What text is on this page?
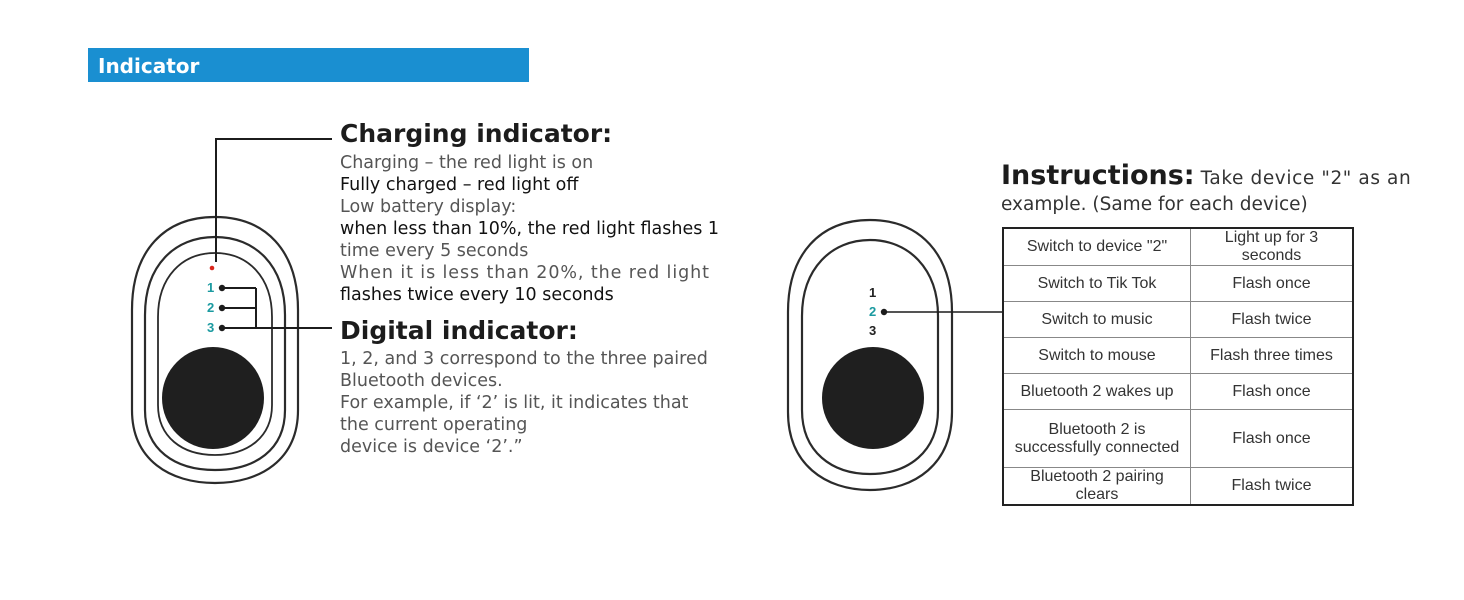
Indicator
1
2
3
Charging indicator:
Charging – the red light is on
Fully charged – red light off
Low battery display:
when less than 10%, the red light flashes 1
time every 5 seconds
When it is less than 20%, the red light
flashes twice every 10 seconds
Digital indicator:
1, 2, and 3 correspond to the three paired
Bluetooth devices.
For example, if ‘2’ is lit, it indicates that
the current operating
device is device ‘2’.”
1
2
3
Instructions: Take device "2" as an
example. (Same for each device)
Switch to device "2"	Light up for 3 seconds
Switch to Tik Tok	Flash once
Switch to music	Flash twice
Switch to mouse	Flash three times
Bluetooth 2 wakes up	Flash once

Bluetooth 2 is
successfully connected	Flash once
Bluetooth 2 pairing clears	Flash twice
